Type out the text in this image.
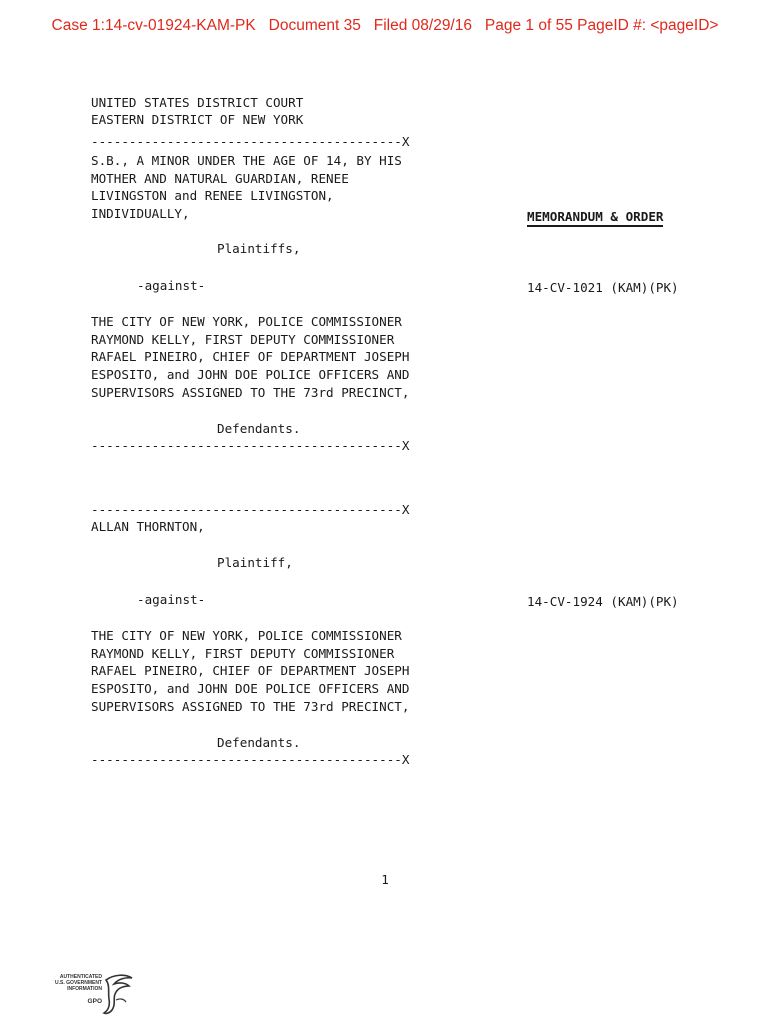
Case 1:14-cv-01924-KAM-PK   Document 35   Filed 08/29/16   Page 1 of 55 PageID #: <pageID>
UNITED STATES DISTRICT COURT
EASTERN DISTRICT OF NEW YORK
-----------------------------------------X
S.B., A MINOR UNDER THE AGE OF 14, BY HIS
MOTHER AND NATURAL GUARDIAN, RENEE
LIVINGSTON and RENEE LIVINGSTON,
INDIVIDUALLY,	MEMORANDUM & ORDER
Plaintiffs,
-against-	14-CV-1021 (KAM)(PK)
THE CITY OF NEW YORK, POLICE COMMISSIONER
RAYMOND KELLY, FIRST DEPUTY COMMISSIONER
RAFAEL PINEIRO, CHIEF OF DEPARTMENT JOSEPH
ESPOSITO, and JOHN DOE POLICE OFFICERS AND
SUPERVISORS ASSIGNED TO THE 73rd PRECINCT,
Defendants.
-----------------------------------------X
-----------------------------------------X
ALLAN THORNTON,
Plaintiff,
-against-	14-CV-1924 (KAM)(PK)
THE CITY OF NEW YORK, POLICE COMMISSIONER
RAYMOND KELLY, FIRST DEPUTY COMMISSIONER
RAFAEL PINEIRO, CHIEF OF DEPARTMENT JOSEPH
ESPOSITO, and JOHN DOE POLICE OFFICERS AND
SUPERVISORS ASSIGNED TO THE 73rd PRECINCT,
Defendants.
-----------------------------------------X
1
AUTHENTICATED
U.S. GOVERNMENT
INFORMATION
GPO
